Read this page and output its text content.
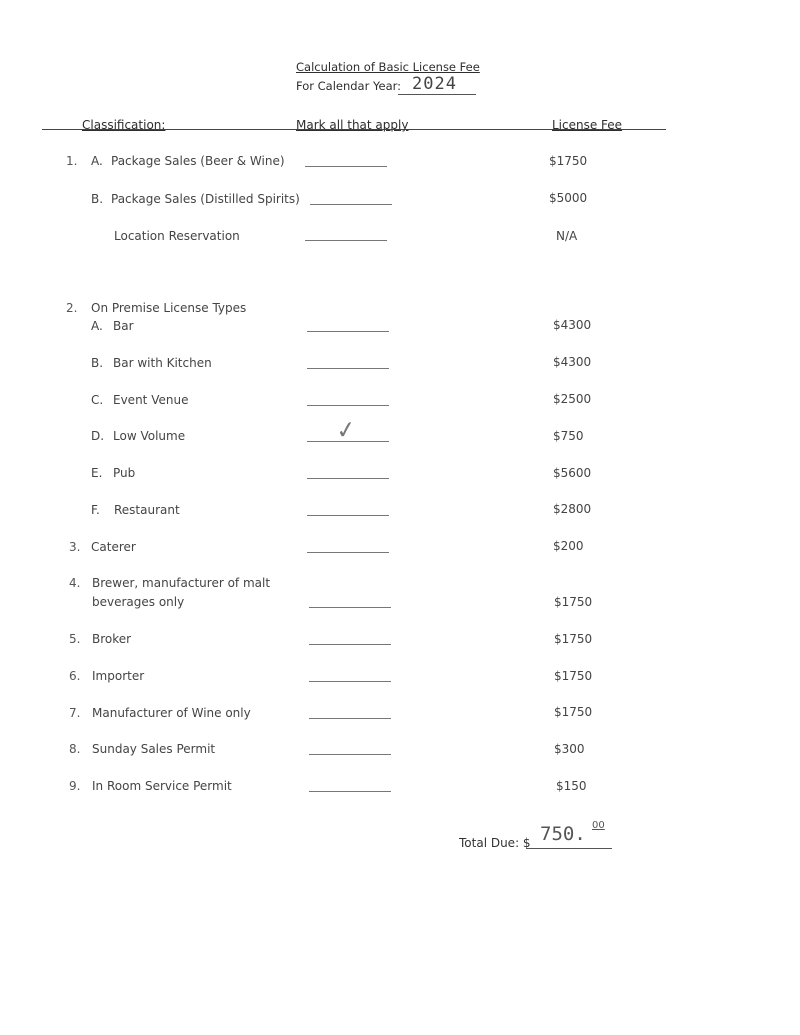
Calculation of Basic License Fee
For Calendar Year: 2024
Classification:	Mark all that apply	License Fee
1. A. Package Sales (Beer & Wine)	$1750
B. Package Sales (Distilled Spirits)	$5000
Location Reservation	N/A
2. On Premise License Types
A. Bar	$4300
B. Bar with Kitchen	$4300
C. Event Venue	$2500
D. Low Volume	✓	$750
E. Pub	$5600
F. Restaurant	$2800
3. Caterer	$200
4. Brewer, manufacturer of malt
beverages only	$1750
5. Broker	$1750
6. Importer	$1750
7. Manufacturer of Wine only	$1750
8. Sunday Sales Permit	$300
9. In Room Service Permit	$150
Total Due: $ 750. 00
